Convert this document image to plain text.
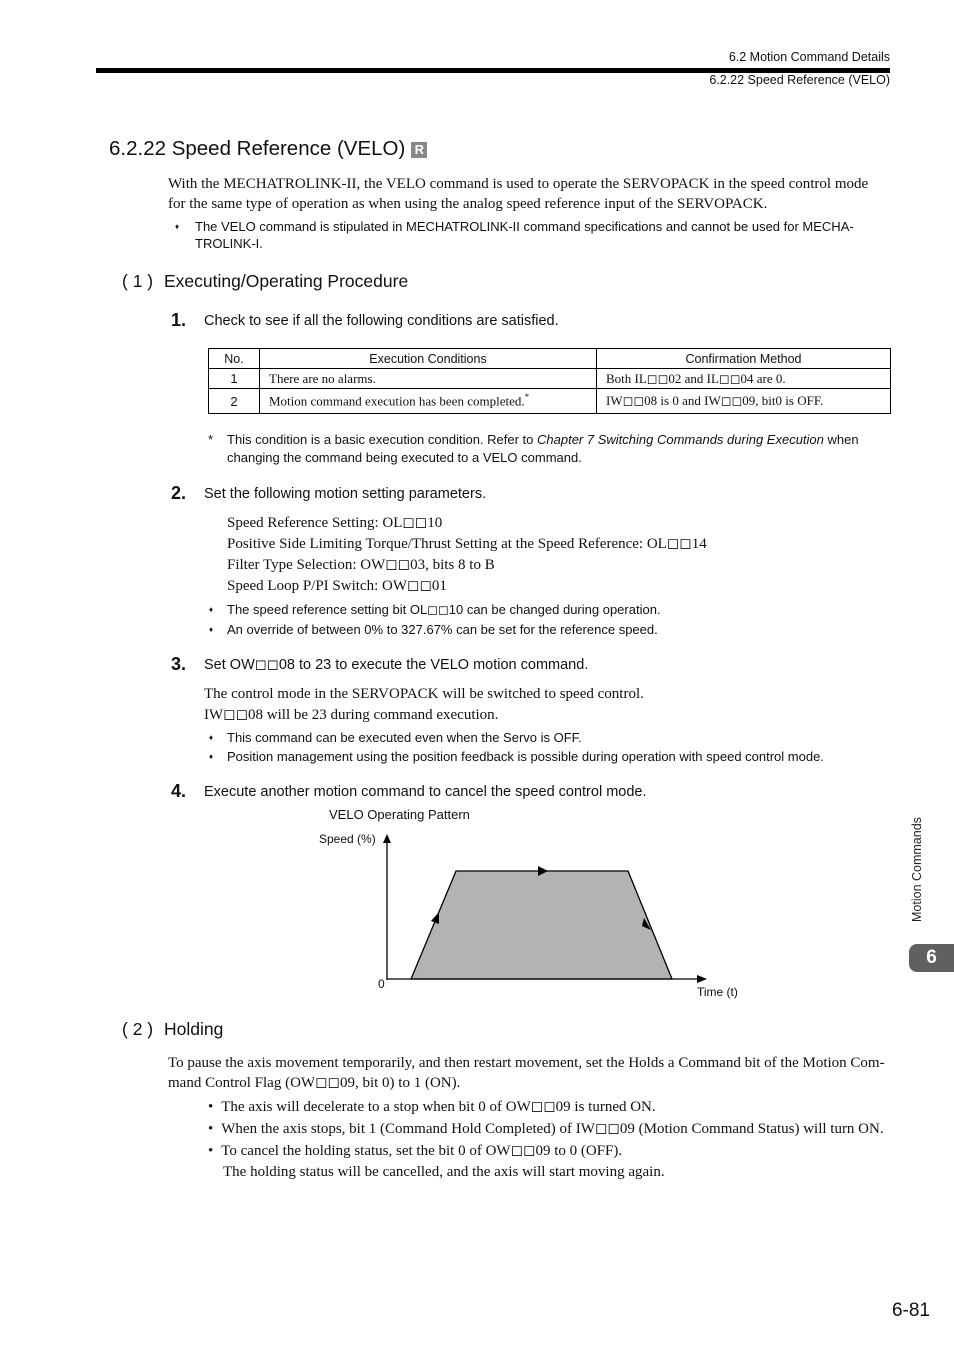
6.2 Motion Command Details
6.2.22 Speed Reference (VELO)
6.2.22 Speed Reference (VELO) R
With the MECHATROLINK-II, the VELO command is used to operate the SERVOPACK in the speed control mode
for the same type of operation as when using the analog speed reference input of the SERVOPACK.
♦ The VELO command is stipulated in MECHATROLINK-II command specifications and cannot be used for MECHA-
TROLINK-I.
( 1 ) Executing/Operating Procedure
1. Check to see if all the following conditions are satisfied.
No.	Execution Conditions	Confirmation Method
1	There are no alarms.	Both IL◻◻02 and IL◻◻04 are 0.
2	Motion command execution has been completed.*	IW◻◻08 is 0 and IW◻◻09, bit0 is OFF.
* This condition is a basic execution condition. Refer to Chapter 7 Switching Commands during Execution when
changing the command being executed to a VELO command.
2. Set the following motion setting parameters.
Speed Reference Setting: OL◻◻10
Positive Side Limiting Torque/Thrust Setting at the Speed Reference: OL◻◻14
Filter Type Selection: OW◻◻03, bits 8 to B
Speed Loop P/PI Switch: OW◻◻01
♦ The speed reference setting bit OL◻◻10 can be changed during operation.
♦ An override of between 0% to 327.67% can be set for the reference speed.
3. Set OW◻◻08 to 23 to execute the VELO motion command.
The control mode in the SERVOPACK will be switched to speed control.
IW◻◻08 will be 23 during command execution.
♦ This command can be executed even when the Servo is OFF.
♦ Position management using the position feedback is possible during operation with speed control mode.
4. Execute another motion command to cancel the speed control mode.
VELO Operating Pattern
Speed (%)
0
Time (t)
( 2 ) Holding
To pause the axis movement temporarily, and then restart movement, set the Holds a Command bit of the Motion Com-
mand Control Flag (OW◻◻09, bit 0) to 1 (ON).
• The axis will decelerate to a stop when bit 0 of OW◻◻09 is turned ON.
• When the axis stops, bit 1 (Command Hold Completed) of IW◻◻09 (Motion Command Status) will turn ON.
• To cancel the holding status, set the bit 0 of OW◻◻09 to 0 (OFF).
The holding status will be cancelled, and the axis will start moving again.
Motion Commands
6
6-81
